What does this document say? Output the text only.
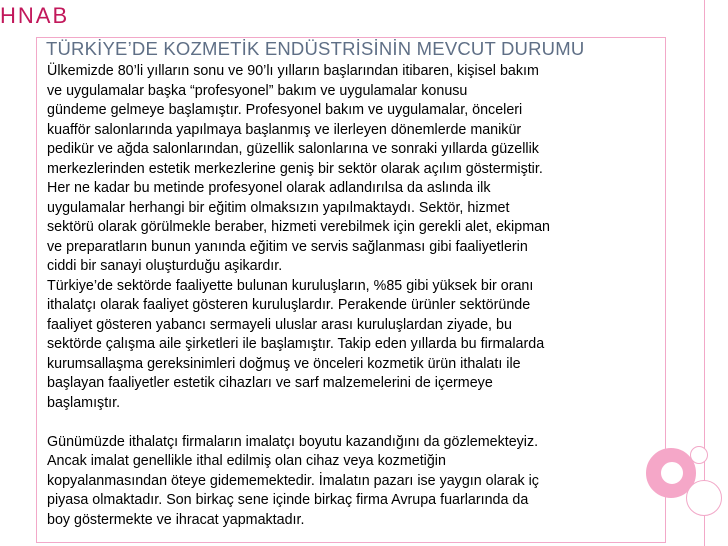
HNAB
TÜRKİYE’DE KOZMETİK ENDÜSTRİSİNİN MEVCUT DURUMU

Ülkemizde 80’li yılların sonu ve 90’lı yılların başlarından itibaren, kişisel bakım
ve uygulamalar başka “profesyonel” bakım ve uygulamalar konusu
gündeme gelmeye başlamıştır. Profesyonel bakım ve uygulamalar, önceleri
kuafför salonlarında yapılmaya başlanmış ve ilerleyen dönemlerde manikür
pedikür ve ağda salonlarından, güzellik salonlarına ve sonraki yıllarda güzellik
merkezlerinden estetik merkezlerine geniş bir sektör olarak açılım göstermiştir.

Her ne kadar bu metinde profesyonel olarak adlandırılsa da aslında ilk
uygulamalar herhangi bir eğitim olmaksızın yapılmaktaydı. Sektör, hizmet
sektörü olarak görülmekle beraber, hizmeti verebilmek için gerekli alet, ekipman
ve preparatların bunun yanında eğitim ve servis sağlanması gibi faaliyetlerin
ciddi bir sanayi oluşturduğu aşikardır.

Türkiye’de sektörde faaliyette bulunan kuruluşların, %85 gibi yüksek bir oranı
ithalatçı olarak faaliyet gösteren kuruluşlardır. Perakende ürünler sektöründe
faaliyet gösteren yabancı sermayeli uluslar arası kuruluşlardan ziyade, bu
sektörde çalışma aile şirketleri ile başlamıştır. Takip eden yıllarda bu firmalarda
kurumsallaşma gereksinimleri doğmuş ve önceleri kozmetik ürün ithalatı ile
başlayan faaliyetler estetik cihazları ve sarf malzemelerini de içermeye
başlamıştır.

Günümüzde ithalatçı firmaların imalatçı boyutu kazandığını da gözlemekteyiz.
Ancak imalat genellikle ithal edilmiş olan cihaz veya kozmetiğin
kopyalanmasından öteye gidememektedir. İmalatın pazarı ise yaygın olarak iç
piyasa olmaktadır. Son birkaç sene içinde birkaç firma Avrupa fuarlarında da
boy göstermekte ve ihracat yapmaktadır.
